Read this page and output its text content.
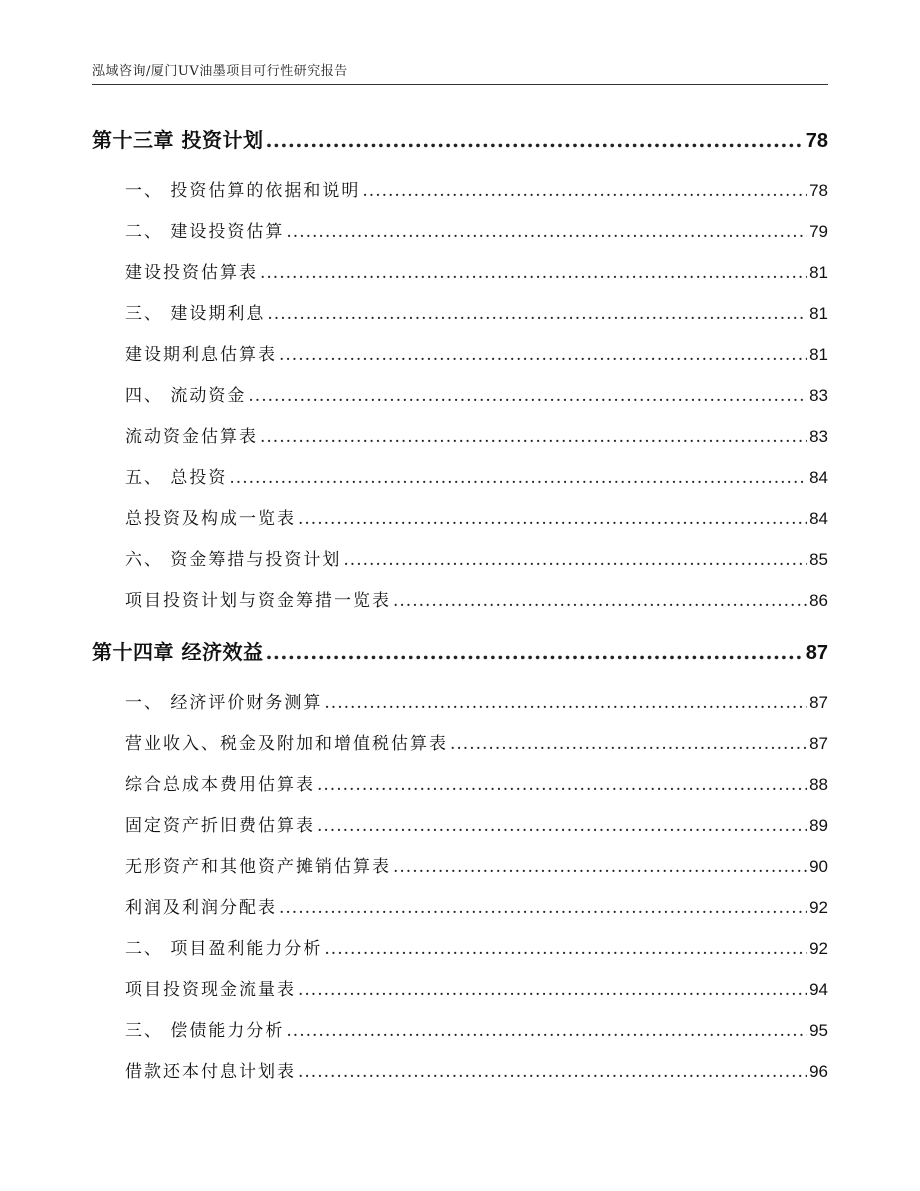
泓域咨询/厦门UV油墨项目可行性研究报告
第十三章 投资计划 .....	78
一、 投资估算的依据和说明 .....	78
二、 建设投资估算 .....	79
建设投资估算表 .....	81
三、 建设期利息 .....	81
建设期利息估算表 .....	81
四、 流动资金 .....	83
流动资金估算表 .....	83
五、 总投资 .....	84
总投资及构成一览表 .....	84
六、 资金筹措与投资计划 .....	85
项目投资计划与资金筹措一览表 .....	86
第十四章 经济效益 .....	87
一、 经济评价财务测算 .....	87
营业收入、税金及附加和增值税估算表 .....	87
综合总成本费用估算表 .....	88
固定资产折旧费估算表 .....	89
无形资产和其他资产摊销估算表 .....	90
利润及利润分配表 .....	92
二、 项目盈利能力分析 .....	92
项目投资现金流量表 .....	94
三、 偿债能力分析 .....	95
借款还本付息计划表 .....	96
